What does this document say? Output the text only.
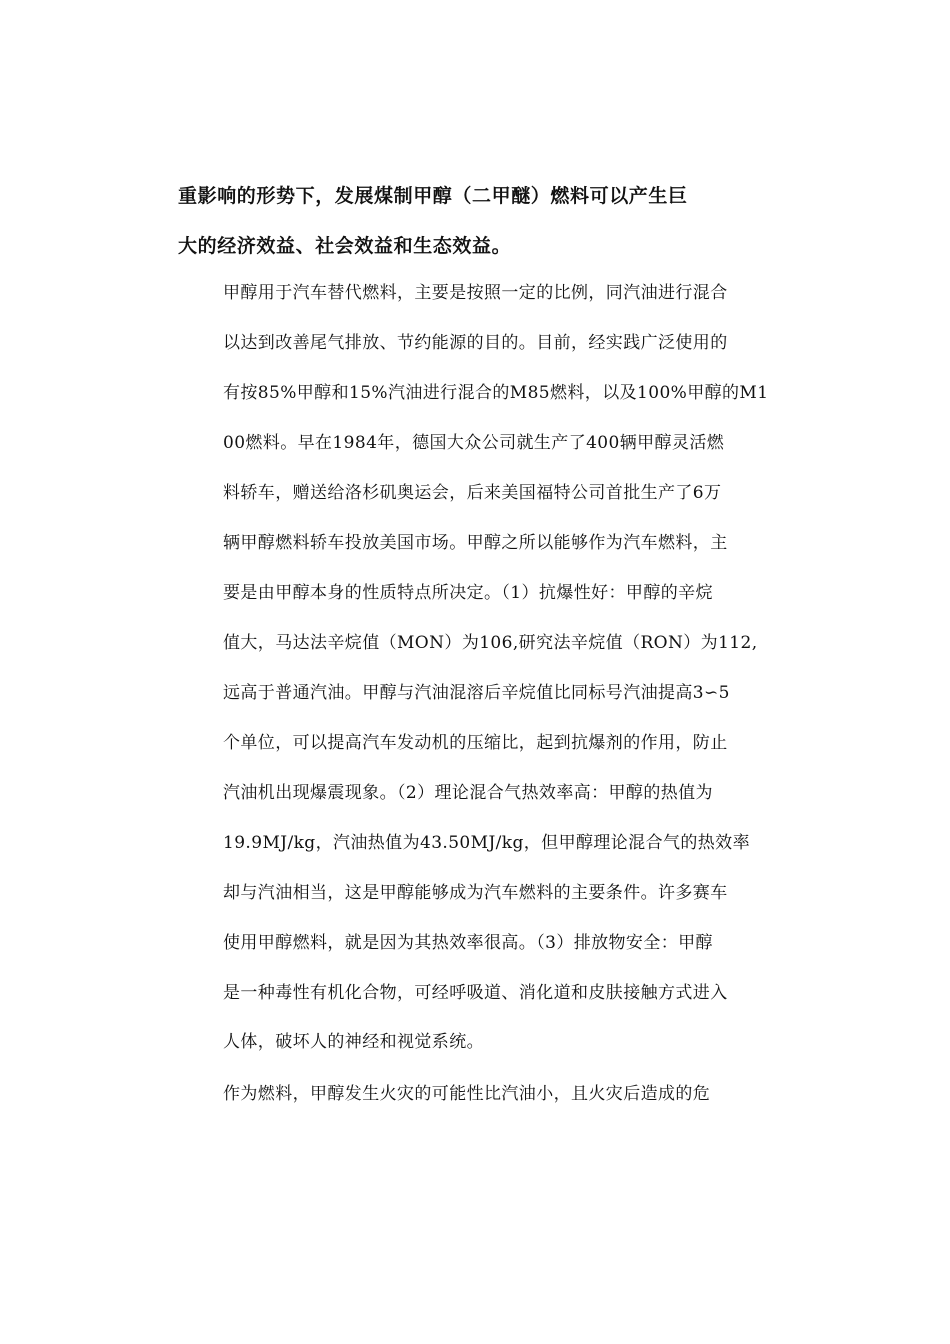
重影响的形势下，发展煤制甲醇（二甲醚）燃料可以产生巨
大的经济效益、社会效益和生态效益。
甲醇用于汽车替代燃料，主要是按照一定的比例，同汽油进行混合
以达到改善尾气排放、节约能源的目的。目前，经实践广泛使用的
有按85%甲醇和15%汽油进行混合的M85燃料，以及100%甲醇的M1
00燃料。早在1984年，德国大众公司就生产了400辆甲醇灵活燃
料轿车，赠送给洛杉矶奥运会，后来美国福特公司首批生产了6万
辆甲醇燃料轿车投放美国市场。甲醇之所以能够作为汽车燃料，主
要是由甲醇本身的性质特点所决定。（1）抗爆性好：甲醇的辛烷
值大，马达法辛烷值（MON）为106,研究法辛烷值（RON）为112,
远高于普通汽油。甲醇与汽油混溶后辛烷值比同标号汽油提高3∽5
个单位，可以提高汽车发动机的压缩比，起到抗爆剂的作用，防止
汽油机出现爆震现象。（2）理论混合气热效率高：甲醇的热值为
19.9MJ/kg，汽油热值为43.50MJ/kg，但甲醇理论混合气的热效率
却与汽油相当，这是甲醇能够成为汽车燃料的主要条件。许多赛车
使用甲醇燃料，就是因为其热效率很高。（3）排放物安全：甲醇
是一种毒性有机化合物，可经呼吸道、消化道和皮肤接触方式进入
人体，破坏人的神经和视觉系统。
作为燃料，甲醇发生火灾的可能性比汽油小，且火灾后造成的危
